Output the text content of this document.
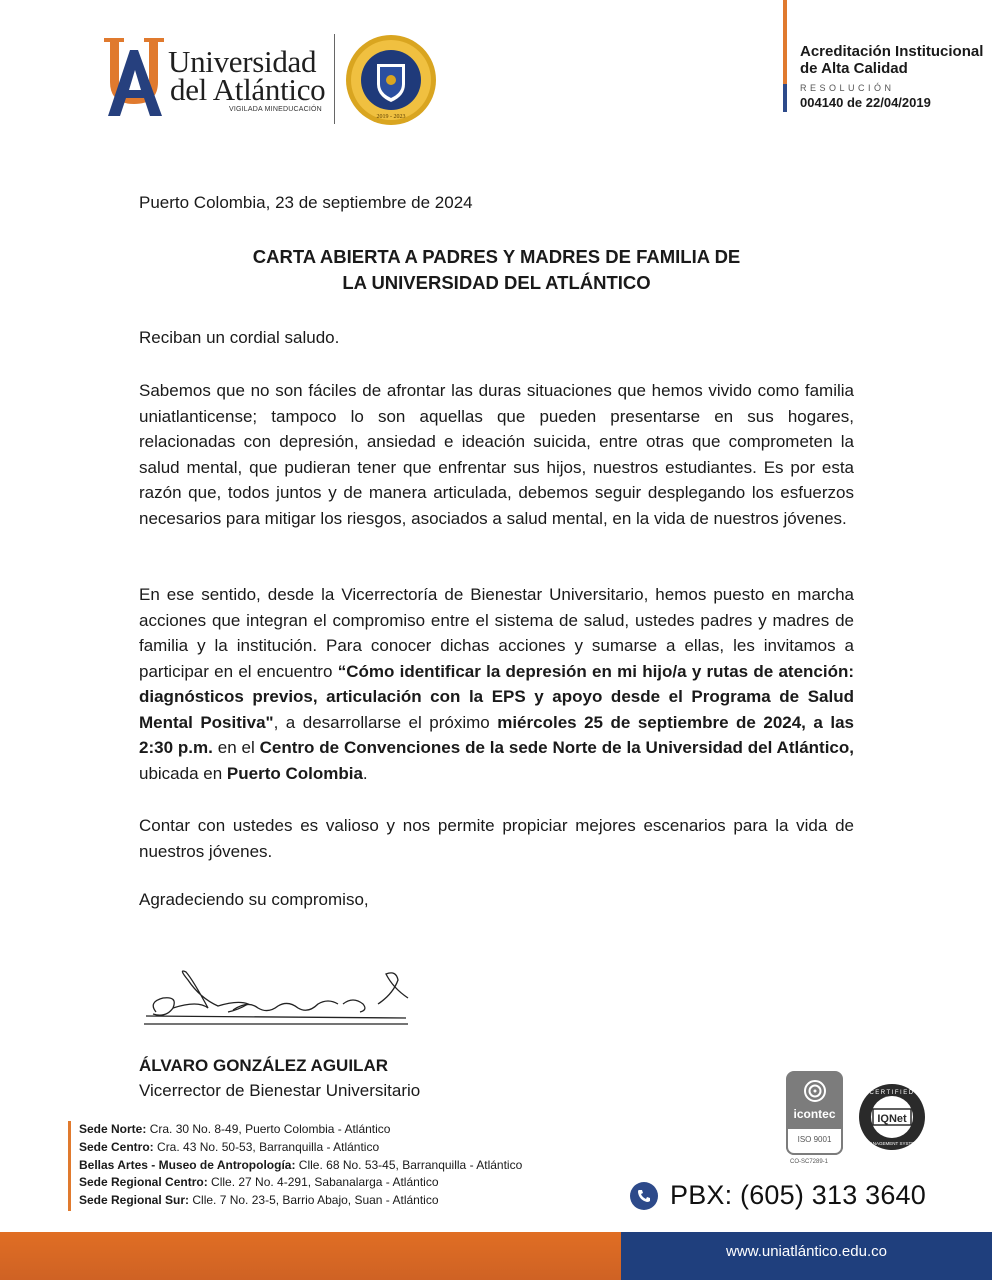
Universidad
del Atlántico
VIGILADA MINEDUCACIÓN
2019 - 2023
Acreditación Institucional
de Alta Calidad
RESOLUCIÓN
004140 de 22/04/2019
Puerto Colombia, 23 de septiembre de 2024
CARTA ABIERTA A PADRES Y MADRES DE FAMILIA DE
LA UNIVERSIDAD DEL ATLÁNTICO
Reciban un cordial saludo.
Sabemos que no son fáciles de afrontar las duras situaciones que hemos vivido como familia uniatlanticense; tampoco lo son aquellas que pueden presentarse en sus hogares, relacionadas con depresión, ansiedad e ideación suicida, entre otras que comprometen la salud mental, que pudieran tener que enfrentar sus hijos, nuestros estudiantes. Es por esta razón que, todos juntos y de manera articulada, debemos seguir desplegando los esfuerzos necesarios para mitigar los riesgos, asociados a salud mental, en la vida de nuestros jóvenes.
En ese sentido, desde la Vicerrectoría de Bienestar Universitario, hemos puesto en marcha acciones que integran el compromiso entre el sistema de salud, ustedes padres y madres de familia y la institución. Para conocer dichas acciones y sumarse a ellas, les invitamos a participar en el encuentro “Cómo identificar la depresión en mi hijo/a y rutas de atención: diagnósticos previos, articulación con la EPS y apoyo desde el Programa de Salud Mental Positiva", a desarrollarse el próximo miércoles 25 de septiembre de 2024, a las 2:30 p.m. en el Centro de Convenciones de la sede Norte de la Universidad del Atlántico, ubicada en Puerto Colombia.
Contar con ustedes es valioso y nos permite propiciar mejores escenarios para la vida de nuestros jóvenes.
Agradeciendo su compromiso,
ÁLVARO GONZÁLEZ AGUILAR
Vicerrector de Bienestar Universitario
Sede Norte: Cra. 30 No. 8-49, Puerto Colombia - Atlántico
Sede Centro: Cra. 43 No. 50-53, Barranquilla - Atlántico
Bellas Artes - Museo de Antropología: Clle. 68 No. 53-45, Barranquilla - Atlántico
Sede Regional Centro: Clle. 27 No. 4-291, Sabanalarga - Atlántico
Sede Regional Sur: Clle. 7 No. 23-5, Barrio Abajo, Suan - Atlántico
icontec
ISO 9001
CO-SC7289-1
IQNet
CERTIFIED
MANAGEMENT SYSTEM
PBX: (605) 313 3640
www.uniatlántico.edu.co
